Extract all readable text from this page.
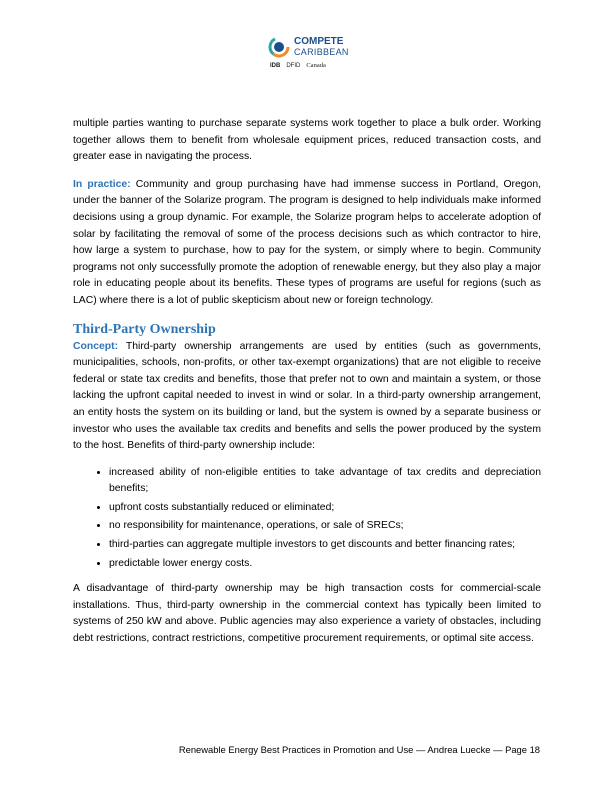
COMPETE
CARIBBEAN
IDB DFID Canada

multiple parties wanting to purchase separate systems work together to place a bulk order. Working together allows them to benefit from wholesale equipment prices, reduced transaction costs, and greater ease in navigating the process.

In practice: Community and group purchasing have had immense success in Portland, Oregon, under the banner of the Solarize program. The program is designed to help individuals make informed decisions using a group dynamic. For example, the Solarize program helps to accelerate adoption of solar by facilitating the removal of some of the process decisions such as which contractor to hire, how large a system to purchase, how to pay for the system, or simply where to begin. Community programs not only successfully promote the adoption of renewable energy, but they also play a major role in educating people about its benefits. These types of programs are useful for regions (such as LAC) where there is a lot of public skepticism about new or foreign technology.

Third-Party Ownership

Concept: Third-party ownership arrangements are used by entities (such as governments, municipalities, schools, non-profits, or other tax-exempt organizations) that are not eligible to receive federal or state tax credits and benefits, those that prefer not to own and maintain a system, or those lacking the upfront capital needed to invest in wind or solar. In a third-party ownership arrangement, an entity hosts the system on its building or land, but the system is owned by a separate business or investor who uses the available tax credits and benefits and sells the power produced by the system to the host. Benefits of third-party ownership include:

• increased ability of non-eligible entities to take advantage of tax credits and depreciation benefits;
• upfront costs substantially reduced or eliminated;
• no responsibility for maintenance, operations, or sale of SRECs;
• third-parties can aggregate multiple investors to get discounts and better financing rates;
• predictable lower energy costs.

A disadvantage of third-party ownership may be high transaction costs for commercial-scale installations. Thus, third-party ownership in the commercial context has typically been limited to systems of 250 kW and above. Public agencies may also experience a variety of obstacles, including debt restrictions, contract restrictions, competitive procurement requirements, or optimal site access.

Renewable Energy Best Practices in Promotion and Use — Andrea Luecke — Page 18
